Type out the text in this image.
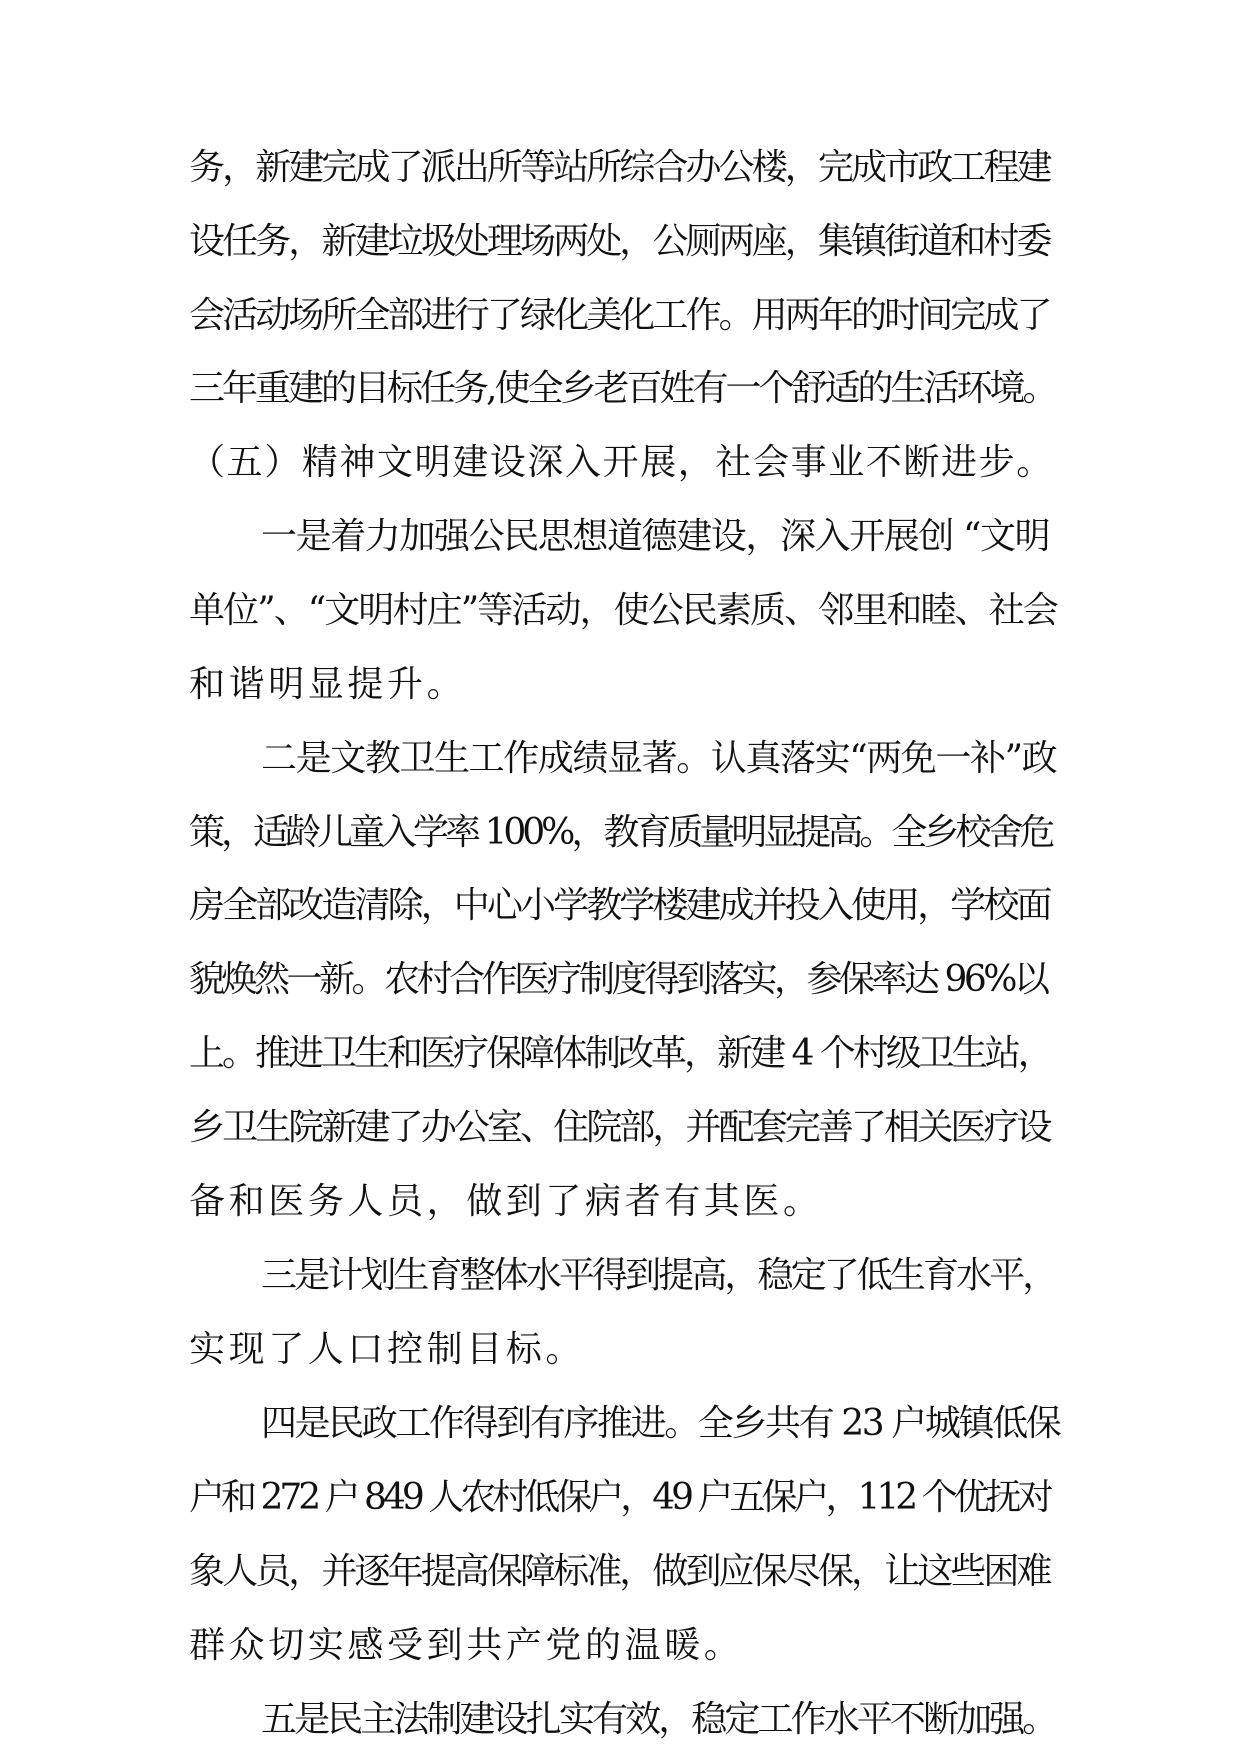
务，新建完成了派出所等站所综合办公楼，完成市政工程建
设任务，新建垃圾处理场两处，公厕两座，集镇街道和村委
会活动场所全部进行了绿化美化工作。用两年的时间完成了
三年重建的目标任务,使全乡老百姓有一个舒适的生活环境。
（五）精神文明建设深入开展，社会事业不断进步。
一是着力加强公民思想道德建设，深入开展创 “文明
单位”、“文明村庄”等活动，使公民素质、邻里和睦、社会
和谐明显提升。
二是文教卫生工作成绩显著。认真落实“两免一补”政
策，适龄儿童入学率 100%，教育质量明显提高。全乡校舍危
房全部改造清除，中心小学教学楼建成并投入使用，学校面
貌焕然一新。农村合作医疗制度得到落实，参保率达 96%以
上。推进卫生和医疗保障体制改革，新建 4 个村级卫生站，
乡卫生院新建了办公室、住院部，并配套完善了相关医疗设
备和医务人员，做到了病者有其医。
三是计划生育整体水平得到提高，稳定了低生育水平，
实现了人口控制目标。
四是民政工作得到有序推进。全乡共有 23 户城镇低保
户和 272 户 849 人农村低保户，49 户五保户，112 个优抚对
象人员，并逐年提高保障标准，做到应保尽保，让这些困难
群众切实感受到共产党的温暖。
五是民主法制建设扎实有效，稳定工作水平不断加强。
